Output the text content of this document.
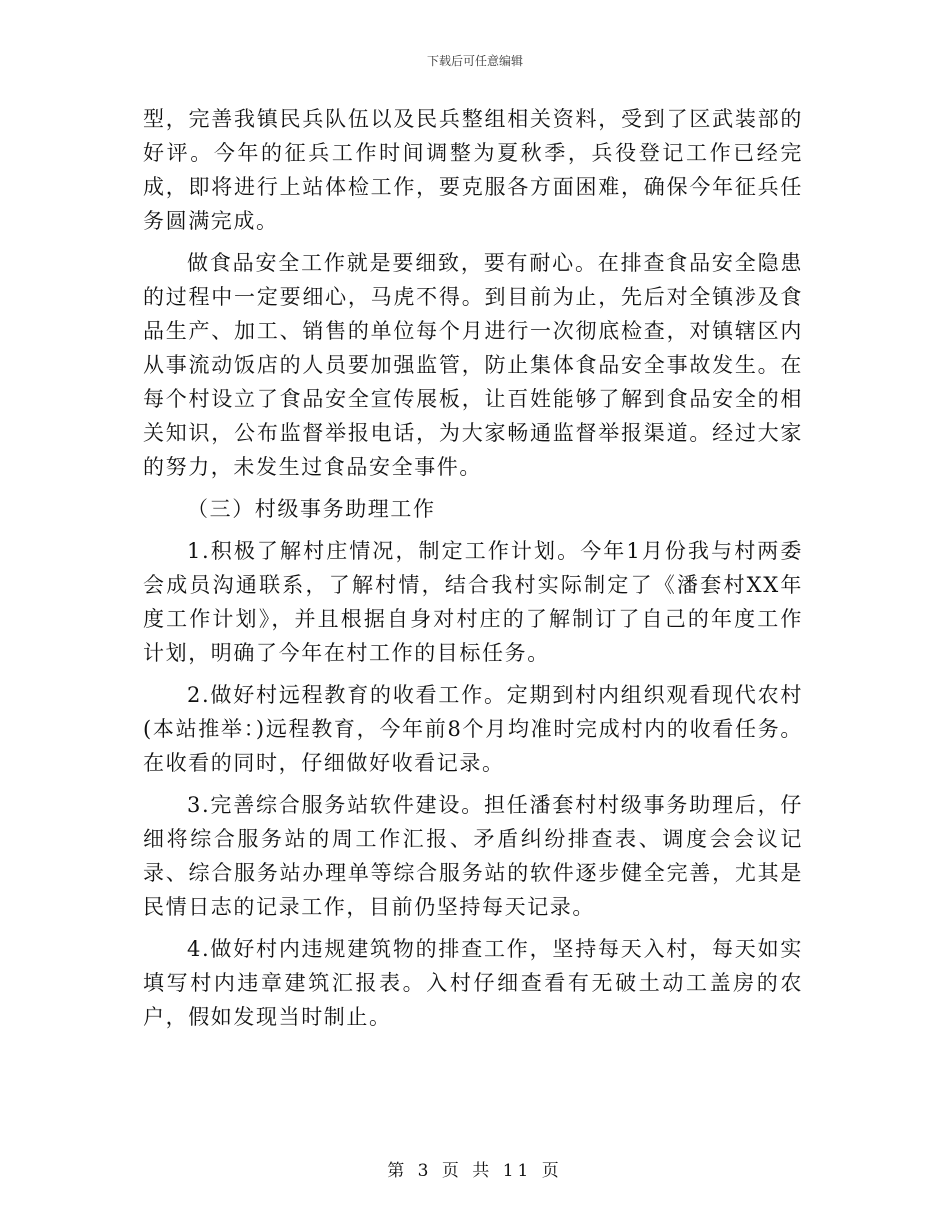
下载后可任意编辑

型，完善我镇民兵队伍以及民兵整组相关资料，受到了区武装部的好评。今年的征兵工作时间调整为夏秋季，兵役登记工作已经完成，即将进行上站体检工作，要克服各方面困难，确保今年征兵任务圆满完成。

做食品安全工作就是要细致，要有耐心。在排查食品安全隐患的过程中一定要细心，马虎不得。到目前为止，先后对全镇涉及食品生产、加工、销售的单位每个月进行一次彻底检查，对镇辖区内从事流动饭店的人员要加强监管，防止集体食品安全事故发生。在每个村设立了食品安全宣传展板，让百姓能够了解到食品安全的相关知识，公布监督举报电话，为大家畅通监督举报渠道。经过大家的努力，未发生过食品安全事件。

（三）村级事务助理工作

1.积极了解村庄情况，制定工作计划。今年1月份我与村两委会成员沟通联系，了解村情，结合我村实际制定了《潘套村XX年度工作计划》，并且根据自身对村庄的了解制订了自己的年度工作计划，明确了今年在村工作的目标任务。

2.做好村远程教育的收看工作。定期到村内组织观看现代农村(本站推举：)远程教育，今年前8个月均准时完成村内的收看任务。在收看的同时，仔细做好收看记录。

3.完善综合服务站软件建设。担任潘套村村级事务助理后，仔细将综合服务站的周工作汇报、矛盾纠纷排查表、调度会会议记录、综合服务站办理单等综合服务站的软件逐步健全完善，尤其是民情日志的记录工作，目前仍坚持每天记录。

4.做好村内违规建筑物的排查工作，坚持每天入村，每天如实填写村内违章建筑汇报表。入村仔细查看有无破土动工盖房的农户，假如发现当时制止。

第 3 页 共 11 页
